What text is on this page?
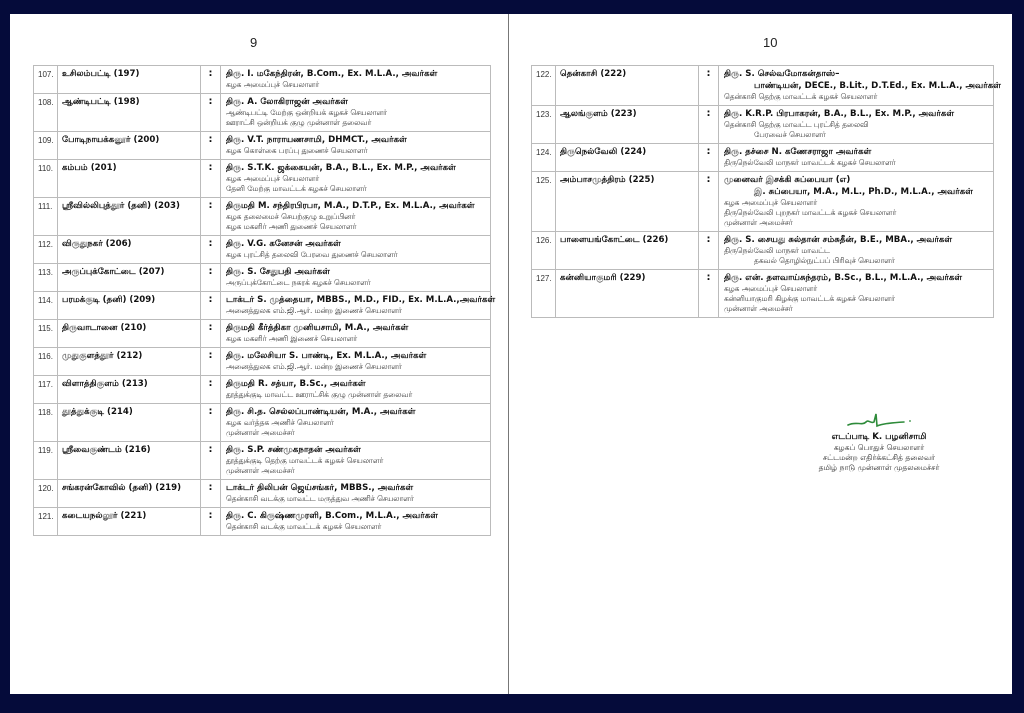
9
107.	உசிலம்பட்டி (197)	:	திரு. I. மகேந்திரன், B.Com., Ex. M.L.A., அவர்கள்
கழக அமைப்புச் செயலாளர்

108.	ஆண்டிபட்டி (198)	:	திரு. A. லோகிராஜன் அவர்கள்
ஆண்டிபட்டி மேற்கு ஒன்றியக் கழகச் செயலாளர்
ஊராட்சி ஒன்றியக் குழு முன்னாள் தலைவர்

109.	போடிநாயக்கனூர் (200)	:	திரு. V.T. நாராயணசாமி, DHMCT., அவர்கள்
கழக கொள்கை பரப்பு துணைச் செயலாளர்

110.	கம்பம் (201)	:	திரு. S.T.K. ஜக்கையன், B.A., B.L., Ex. M.P., அவர்கள்
கழக அமைப்புச் செயலாளர்
தேனி மேற்கு மாவட்டக் கழகச் செயலாளர்

111.	ஸ்ரீவில்லிபுத்தூர் (தனி) (203)	:	திருமதி M. சந்திரபிரபா, M.A., D.T.P., Ex. M.L.A., அவர்கள்
கழக தலைமைச் செயற்குழு உறுப்பினர்
கழக மகளிர் அணி துணைச் செயலாளர்

112.	விருதுநகர் (206)	:	திரு. V.G. கனேசன் அவர்கள்
கழக புரட்சித் தலைவி பேரவை துணைச் செயலாளர்

113.	அருப்புக்கோட்டை (207)	:	திரு. S. சேதுபதி அவர்கள்
அருப்புக்கோட்டை நகரக் கழகச் செயலாளர்

114.	பரமக்குடி (தனி) (209)	:	டாக்டர் S. முத்தையா, MBBS., M.D., FID., Ex. M.L.A.,அவர்கள்
அனைத்துலக எம்.ஜி.ஆர். மன்ற இணைச் செயலாளர்

115.	திருவாடானை (210)	:	திருமதி கீர்த்திகா முனியசாமி, M.A., அவர்கள்
கழக மகளிர் அணி இணைச் செயலாளர்

116.	முதுகுளத்தூர் (212)	:	திரு. மலேசியா S. பாண்டி, Ex. M.L.A., அவர்கள்
அனைத்துலக எம்.ஜி.ஆர். மன்ற இணைச் செயலாளர்

117.	விளாத்திகுளம் (213)	:	திருமதி R. சத்யா, B.Sc., அவர்கள்
தூத்துக்குடி மாவட்ட ஊராட்சிக் குழு முன்னாள் தலைவர்

118.	தூத்துக்குடி (214)	:	திரு. சி.த. செல்லப்பாண்டியன், M.A., அவர்கள்
கழக வர்த்தக அணிச் செயலாளர்
முன்னாள் அமைச்சர்

119.	ஸ்ரீவைகுண்டம் (216)	:	திரு. S.P. சண்முகநாதன் அவர்கள்
தூத்துக்குடி தெற்கு மாவட்டக் கழகச் செயலாளர்
முன்னாள் அமைச்சர்

120.	சங்கரன்கோவில் (தனி) (219)	:	டாக்டர் திலிபன் ஜெய்சங்கர், MBBS., அவர்கள்
தென்காசி வடக்கு மாவட்ட மருத்துவ அணிச் செயலாளர்

121.	கடையநல்லூர் (221)	:	திரு. C. கிருஷ்ணமுரளி, B.Com., M.L.A., அவர்கள்
தென்காசி வடக்கு மாவட்டக் கழகச் செயலாளர்
10
122.	தென்காசி (222)	:	திரு. S. செல்வமோகன்தாஸ்–
பாண்டியன், DECE., B.Lit., D.T.Ed., Ex. M.L.A., அவர்கள்
தென்காசி தெற்கு மாவட்டக் கழகச் செயலாளர்

123.	ஆலங்குளம் (223)	:	திரு. K.R.P. பிரபாகரன், B.A., B.L., Ex. M.P., அவர்கள்
தென்காசி தெற்கு மாவட்ட புரட்சித் தலைவி
பேரவைச் செயலாளர்

124.	திருநெல்வேலி (224)	:	திரு. தச்சை N. கணேசராஜா அவர்கள்
திருநெல்வேலி மாநகர் மாவட்டக் கழகச் செயலாளர்

125.	அம்பாசமுத்திரம் (225)	:	முனைவர் இசக்கி சுப்பையா (எ)
இ. சுப்பையா, M.A., M.L., Ph.D., M.L.A., அவர்கள்
கழக அமைப்புச் செயலாளர்
திருநெல்வேலி புறநகர் மாவட்டக் கழகச் செயலாளர்
முன்னாள் அமைச்சர்

126.	பாளையங்கோட்டை (226)	:	திரு. S. சையது சுல்தான் சம்சுதீன், B.E., MBA., அவர்கள்
திருநெல்வேலி மாநகர் மாவட்ட
தகவல் தொழில்நுட்பப் பிரிவுச் செயலாளர்

127.	கன்னியாகுமரி (229)	:	திரு. என். தளவாய்சுந்தரம், B.Sc., B.L., M.L.A., அவர்கள்
கழக அமைப்புச் செயலாளர்
கன்னியாகுமரி கிழக்கு மாவட்டக் கழகச் செயலாளர்
முன்னாள் அமைச்சர்
எடப்பாடி K. பழனிசாமி
கழகப் பொதுச் செயலாளர்
சட்டமன்ற எதிர்க்கட்சித் தலைவர்
தமிழ் நாடு முன்னாள் முதலமைச்சர்
